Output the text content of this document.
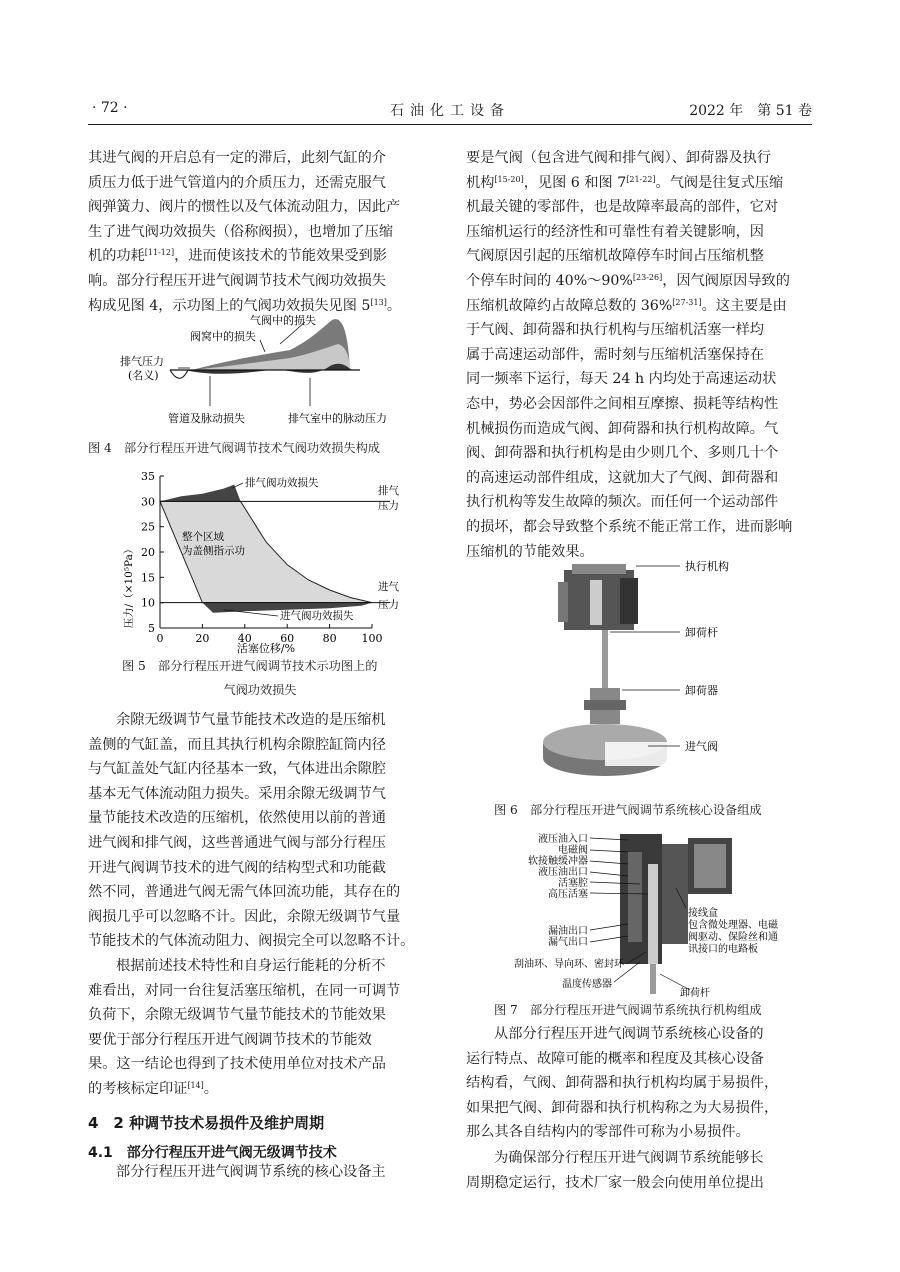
· 72 ·	石油化工设备	2022 年　第 51 卷
其进气阀的开启总有一定的滞后，此刻气缸的介
质压力低于进气管道内的介质压力，还需克服气
阀弹簧力、阀片的惯性以及气体流动阻力，因此产
生了进气阀功效损失（俗称阀损），也增加了压缩
机的功耗[11-12]，进而使该技术的节能效果受到影
响。部分行程压开进气阀调节技术气阀功效损失
构成见图 4，示功图上的气阀功效损失见图 5[13]。
气阀中的损失
阀窝中的损失
排气压力
(名义)
管道及脉动损失	排气室中的脉动压力
图 4　部分行程压开进气阀调节技术气阀功效损失构成
35
30
25
20
15
10
5
0	20	40	60	80 100
压力/（×10⁵Pa）
活塞位移/%
排气阀功效损失
整个区域
为盖侧指示功
进气阀功效损失
排气
压力
进气
压力
图 5　部分行程压开进气阀调节技术示功图上的
气阀功效损失
余隙无级调节气量节能技术改造的是压缩机
盖侧的气缸盖，而且其执行机构余隙腔缸筒内径
与气缸盖处气缸内径基本一致，气体进出余隙腔
基本无气体流动阻力损失。采用余隙无级调节气
量节能技术改造的压缩机，依然使用以前的普通
进气阀和排气阀，这些普通进气阀与部分行程压
开进气阀调节技术的进气阀的结构型式和功能截
然不同，普通进气阀无需气体回流功能，其存在的
阀损几乎可以忽略不计。因此，余隙无级调节气量
节能技术的气体流动阻力、阀损完全可以忽略不计。
根据前述技术特性和自身运行能耗的分析不
难看出，对同一台往复活塞压缩机，在同一可调节
负荷下，余隙无级调节气量节能技术的节能效果
要优于部分行程压开进气阀调节技术的节能效
果。这一结论也得到了技术使用单位对技术产品
的考核标定印证[14]。
4　2 种调节技术易损件及维护周期
4.1　部分行程压开进气阀无级调节技术
部分行程压开进气阀调节系统的核心设备主
要是气阀（包含进气阀和排气阀）、卸荷器及执行
机构[15-20]，见图 6 和图 7[21-22]。气阀是往复式压缩
机最关键的零部件，也是故障率最高的部件，它对
压缩机运行的经济性和可靠性有着关键影响，因
气阀原因引起的压缩机故障停车时间占压缩机整
个停车时间的 40%～90%[23-26]，因气阀原因导致的
压缩机故障约占故障总数的 36%[27-31]。这主要是由
于气阀、卸荷器和执行机构与压缩机活塞一样均
属于高速运动部件，需时刻与压缩机活塞保持在
同一频率下运行，每天 24 h 内均处于高速运动状
态中，势必会因部件之间相互摩擦、损耗等结构性
机械损伤而造成气阀、卸荷器和执行机构故障。气
阀、卸荷器和执行机构是由少则几个、多则几十个
的高速运动部件组成，这就加大了气阀、卸荷器和
执行机构等发生故障的频次。而任何一个运动部件
的损坏，都会导致整个系统不能正常工作，进而影响
压缩机的节能效果。
执行机构
卸荷杆
卸荷器
进气阀
图 6　部分行程压开进气阀调节系统核心设备组成
液压油入口
电磁阀
软接触缓冲器
液压油出口
活塞腔
高压活塞
漏油出口
漏气出口
刮油环、导向环、密封环
温度传感器
接线盒
包含微处理器、电磁
阀驱动、保险丝和通
讯接口的电路板
卸荷杆
图 7　部分行程压开进气阀调节系统执行机构组成
从部分行程压开进气阀调节系统核心设备的
运行特点、故障可能的概率和程度及其核心设备
结构看，气阀、卸荷器和执行机构均属于易损件，
如果把气阀、卸荷器和执行机构称之为大易损件，
那么其各自结构内的零部件可称为小易损件。
为确保部分行程压开进气阀调节系统能够长
周期稳定运行，技术厂家一般会向使用单位提出
